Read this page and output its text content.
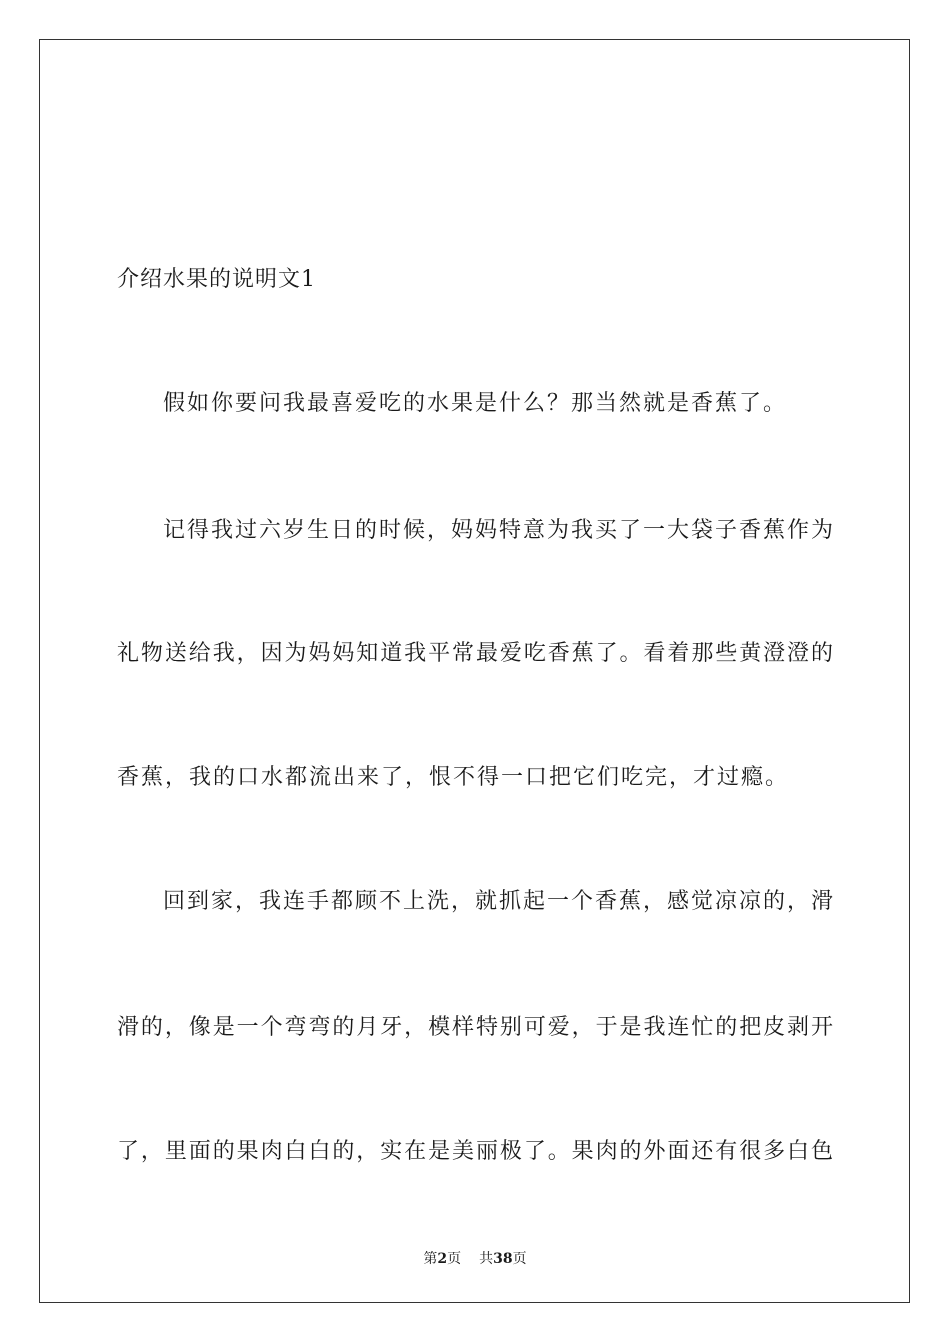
介绍水果的说明文1
假如你要问我最喜爱吃的水果是什么？那当然就是香蕉了。
记得我过六岁生日的时候，妈妈特意为我买了一大袋子香蕉作为
礼物送给我，因为妈妈知道我平常最爱吃香蕉了。看着那些黄澄澄的
香蕉，我的口水都流出来了，恨不得一口把它们吃完，才过瘾。
回到家，我连手都顾不上洗，就抓起一个香蕉，感觉凉凉的，滑
滑的，像是一个弯弯的月牙，模样特别可爱，于是我连忙的把皮剥开
了，里面的果肉白白的，实在是美丽极了。果肉的外面还有很多白色
第2页 共38页
